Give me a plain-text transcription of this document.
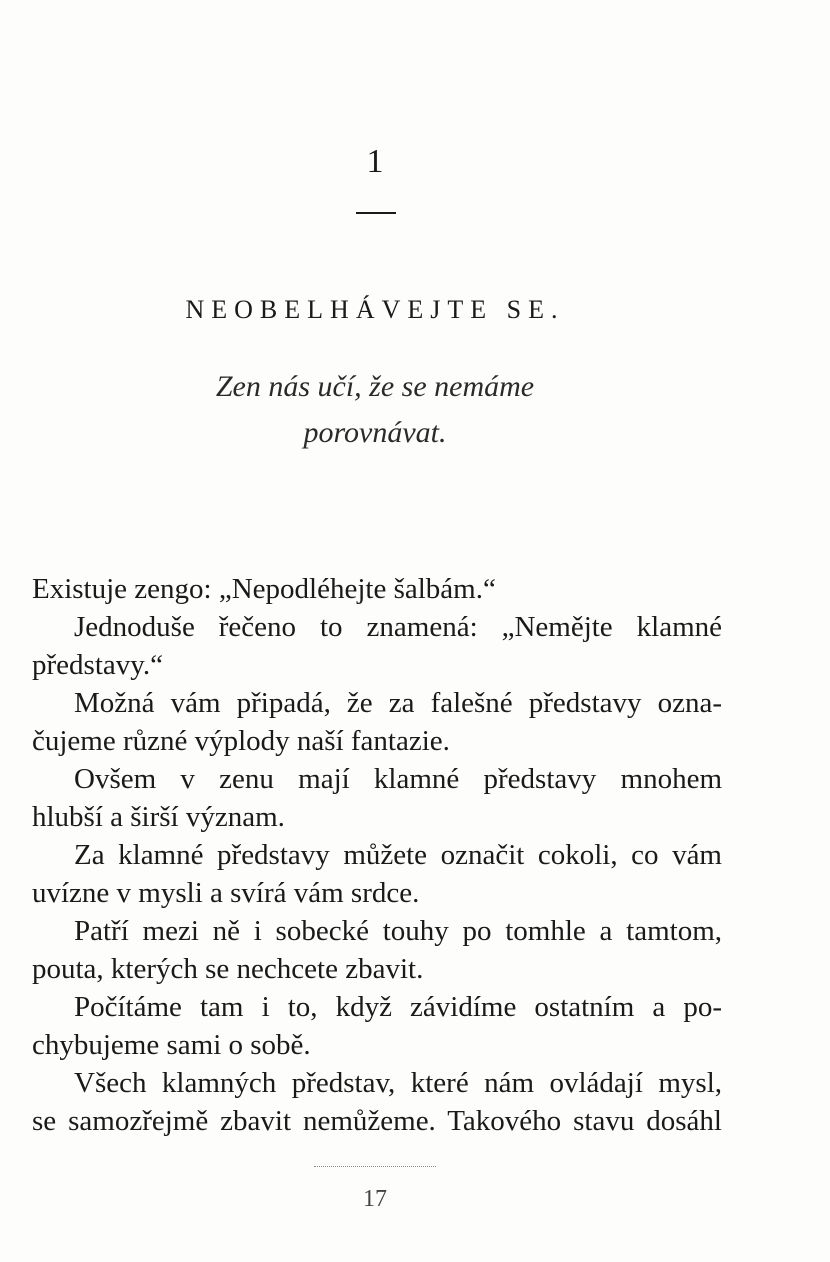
1
NEOBELHÁVEJTE SE.
Zen nás učí, že se nemáme
porovnávat.
Existuje zengo: „Nepodléhejte šalbám.“
Jednoduše řečeno to znamená: „Nemějte klamné
představy.“
Možná vám připadá, že za falešné představy ozna-
čujeme různé výplody naší fantazie.
Ovšem v zenu mají klamné představy mnohem
hlubší a širší význam.
Za klamné představy můžete označit cokoli, co vám
uvízne v mysli a svírá vám srdce.
Patří mezi ně i sobecké touhy po tomhle a tamtom,
pouta, kterých se nechcete zbavit.
Počítáme tam i to, když závidíme ostatním a po-
chybujeme sami o sobě.
Všech klamných představ, které nám ovládají mysl,
se samozřejmě zbavit nemůžeme. Takového stavu dosáhl
17
